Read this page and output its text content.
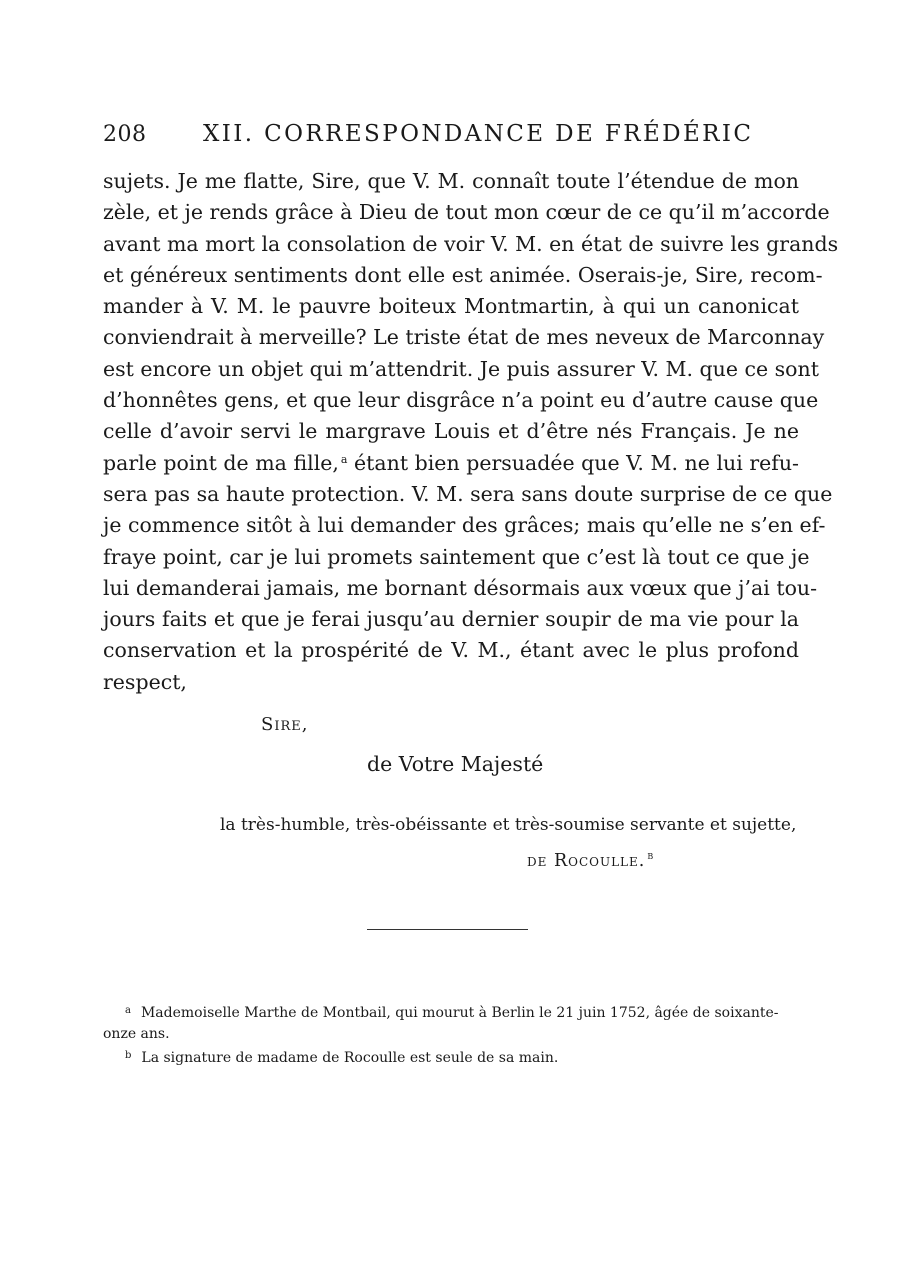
208 XII. CORRESPONDANCE DE FRÉDÉRIC
sujets. Je me flatte, Sire, que V. M. connaît toute l’étendue de mon
zèle, et je rends grâce à Dieu de tout mon cœur de ce qu’il m’accorde
avant ma mort la consolation de voir V. M. en état de suivre les grands
et généreux sentiments dont elle est animée. Oserais-je, Sire, recom-
mander à V. M. le pauvre boiteux Montmartin, à qui un canonicat
conviendrait à merveille? Le triste état de mes neveux de Marconnay
est encore un objet qui m’attendrit. Je puis assurer V. M. que ce sont
d’honnêtes gens, et que leur disgrâce n’a point eu d’autre cause que
celle d’avoir servi le margrave Louis et d’être nés Français. Je ne
parle point de ma fille, $^a$ étant bien persuadée que V. M. ne lui refu-
sera pas sa haute protection. V. M. sera sans doute surprise de ce que
je commence sitôt à lui demander des grâces; mais qu’elle ne s’en ef-
fraye point, car je lui promets saintement que c’est là tout ce que je
lui demanderai jamais, me bornant désormais aux vœux que j’ai tou-
jours faits et que je ferai jusqu’au dernier soupir de ma vie pour la
conservation et la prospérité de V. M., étant avec le plus profond
respect,
Sire,
de Votre Majesté
la très-humble, très-obéissante et très-soumise servante et sujette,
de Rocoulle. $^b$
$^a$ Mademoiselle Marthe de Montbail, qui mourut à Berlin le 21 juin 1752, âgée de soixante-
onze ans.
$^b$ La signature de madame de Rocoulle est seule de sa main.
